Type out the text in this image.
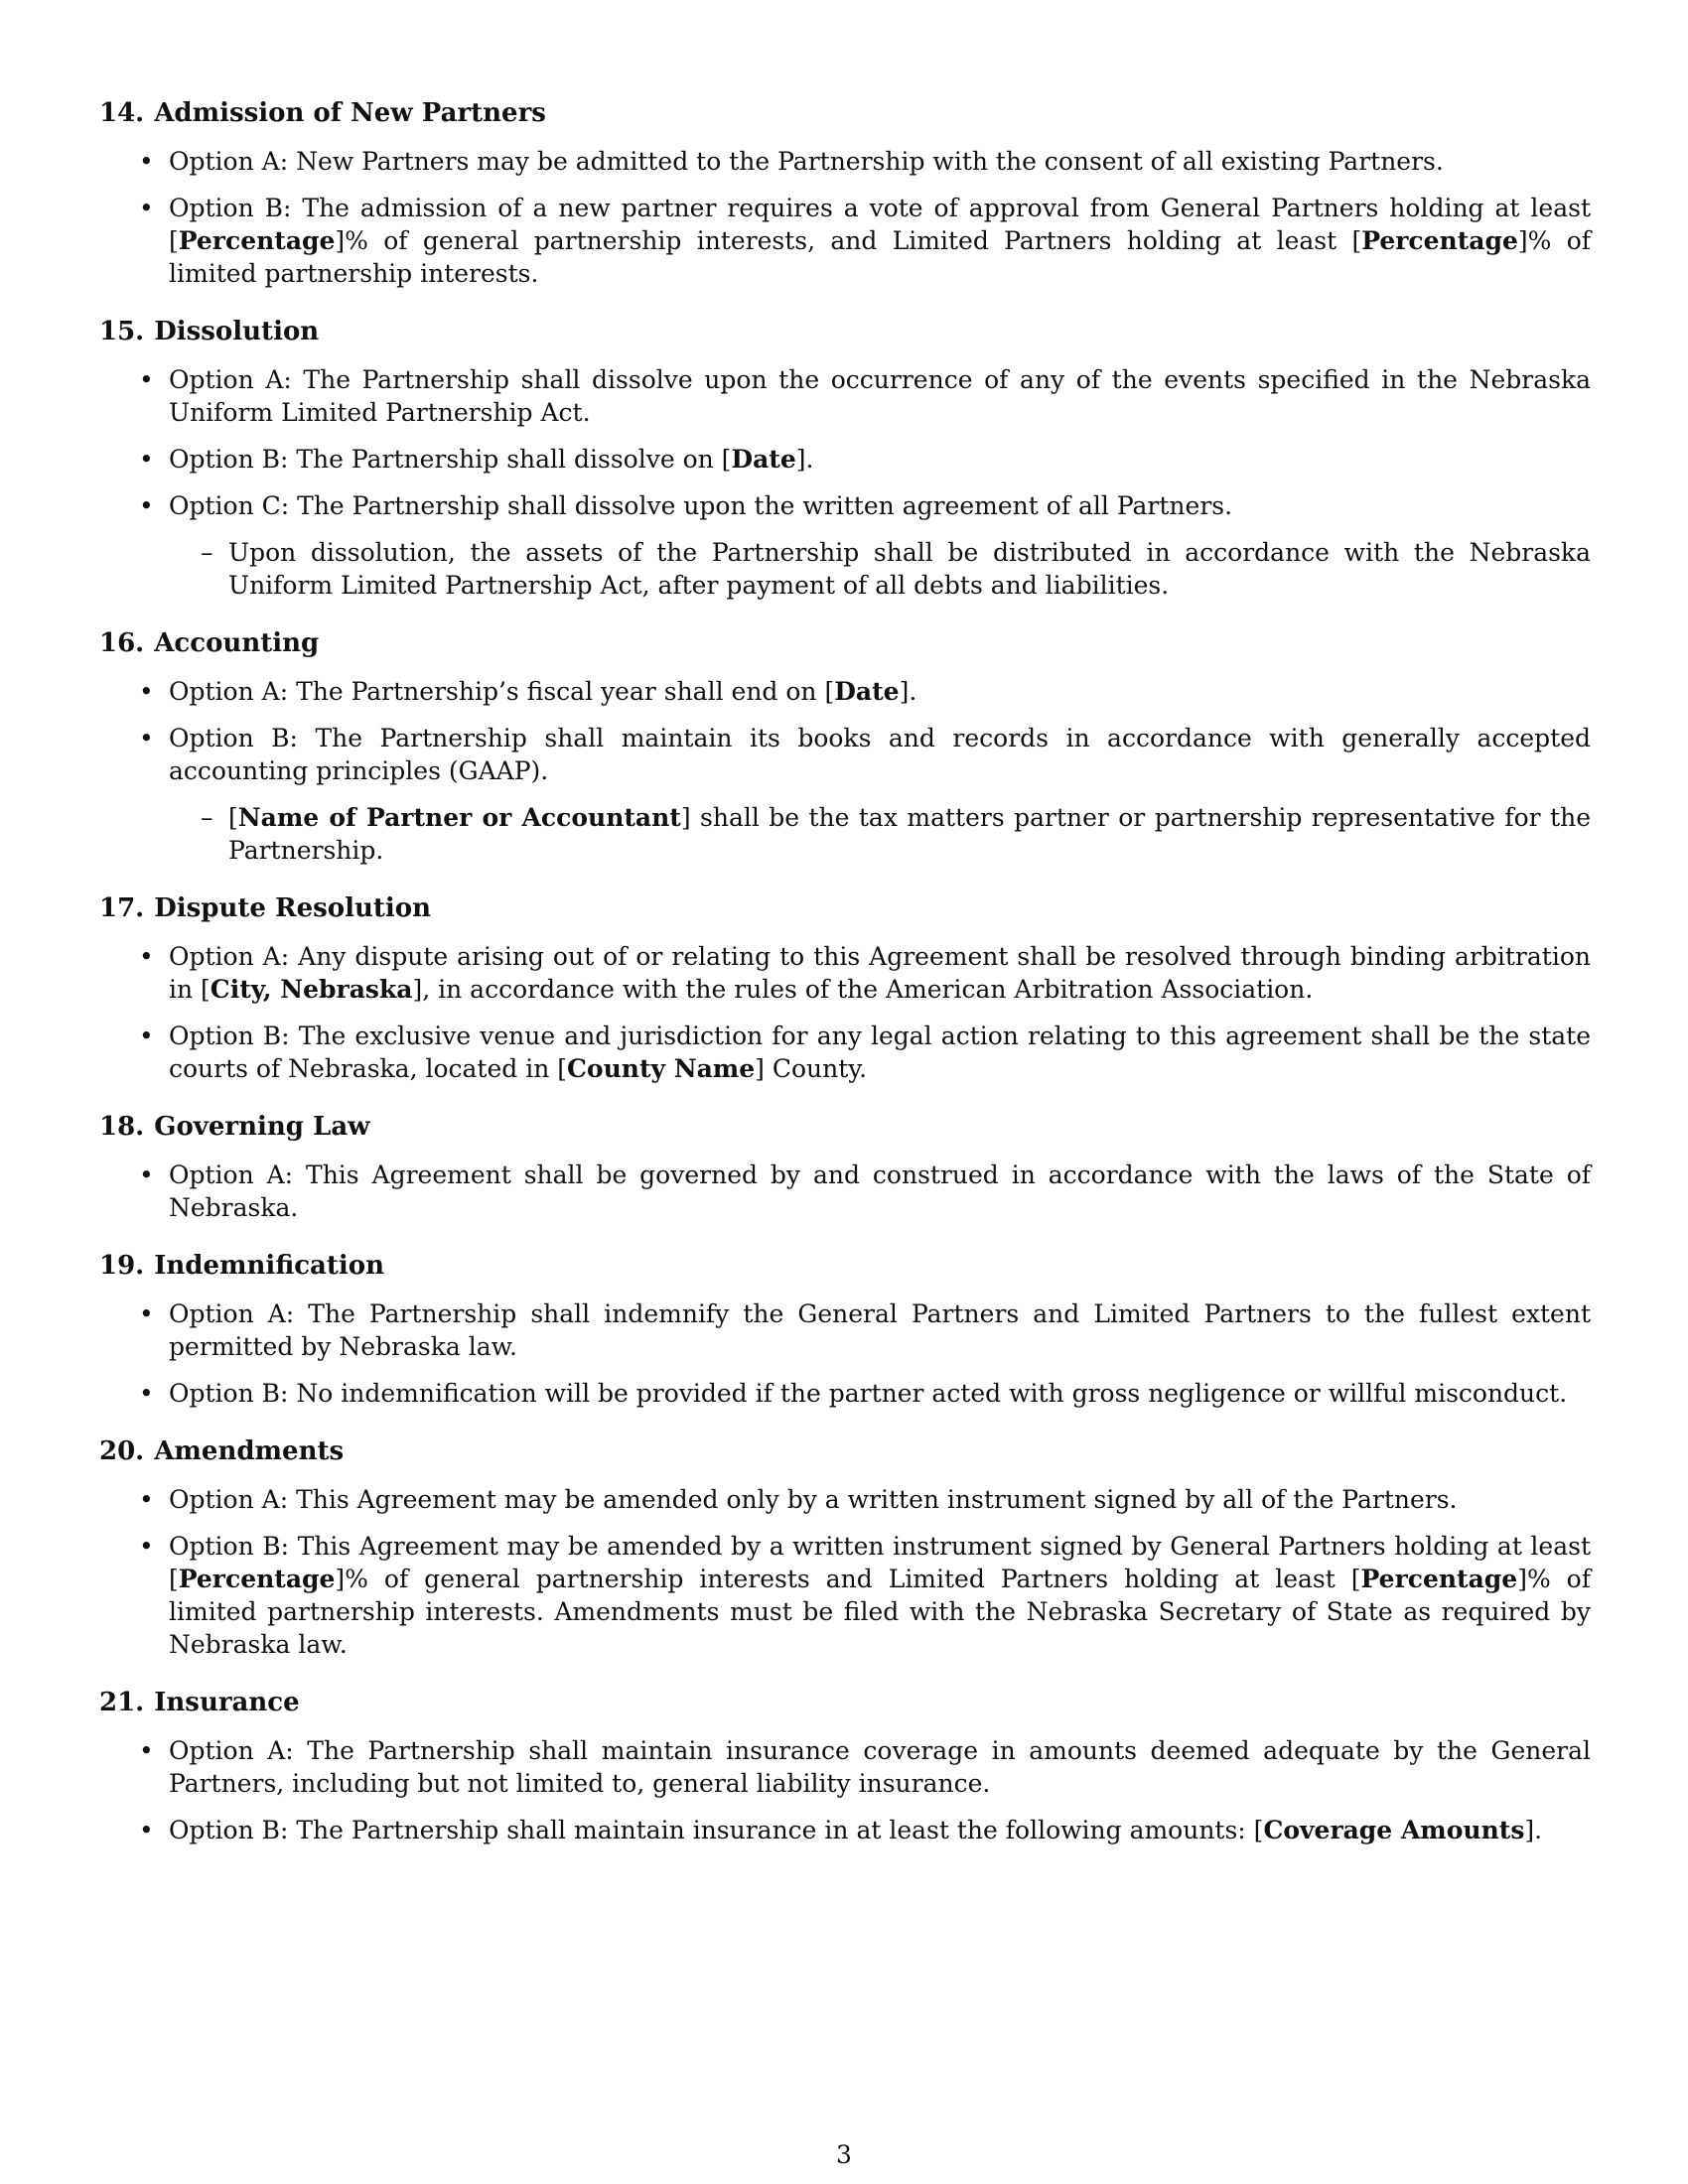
14. Admission of New Partners
• Option A: New Partners may be admitted to the Partnership with the consent of all existing Partners.
• Option B: The admission of a new partner requires a vote of approval from General Partners holding at least [Percentage]% of general partnership interests, and Limited Partners holding at least [Percentage]% of limited partnership interests.
15. Dissolution
• Option A: The Partnership shall dissolve upon the occurrence of any of the events specified in the Nebraska Uniform Limited Partnership Act.
• Option B: The Partnership shall dissolve on [Date].
• Option C: The Partnership shall dissolve upon the written agreement of all Partners.
– Upon dissolution, the assets of the Partnership shall be distributed in accordance with the Nebraska Uniform Limited Partnership Act, after payment of all debts and liabilities.
16. Accounting
• Option A: The Partnership’s fiscal year shall end on [Date].
• Option B: The Partnership shall maintain its books and records in accordance with generally accepted accounting principles (GAAP).
– [Name of Partner or Accountant] shall be the tax matters partner or partnership representative for the Partnership.
17. Dispute Resolution
• Option A: Any dispute arising out of or relating to this Agreement shall be resolved through binding arbitration in [City, Nebraska], in accordance with the rules of the American Arbitration Association.
• Option B: The exclusive venue and jurisdiction for any legal action relating to this agreement shall be the state courts of Nebraska, located in [County Name] County.
18. Governing Law
• Option A: This Agreement shall be governed by and construed in accordance with the laws of the State of Nebraska.
19. Indemnification
• Option A: The Partnership shall indemnify the General Partners and Limited Partners to the fullest extent permitted by Nebraska law.
• Option B: No indemnification will be provided if the partner acted with gross negligence or willful misconduct.
20. Amendments
• Option A: This Agreement may be amended only by a written instrument signed by all of the Partners.
• Option B: This Agreement may be amended by a written instrument signed by General Partners holding at least [Percentage]% of general partnership interests and Limited Partners holding at least [Percentage]% of limited partnership interests. Amendments must be filed with the Nebraska Secretary of State as required by Nebraska law.
21. Insurance
• Option A: The Partnership shall maintain insurance coverage in amounts deemed adequate by the General Partners, including but not limited to, general liability insurance.
• Option B: The Partnership shall maintain insurance in at least the following amounts: [Coverage Amounts].
3
